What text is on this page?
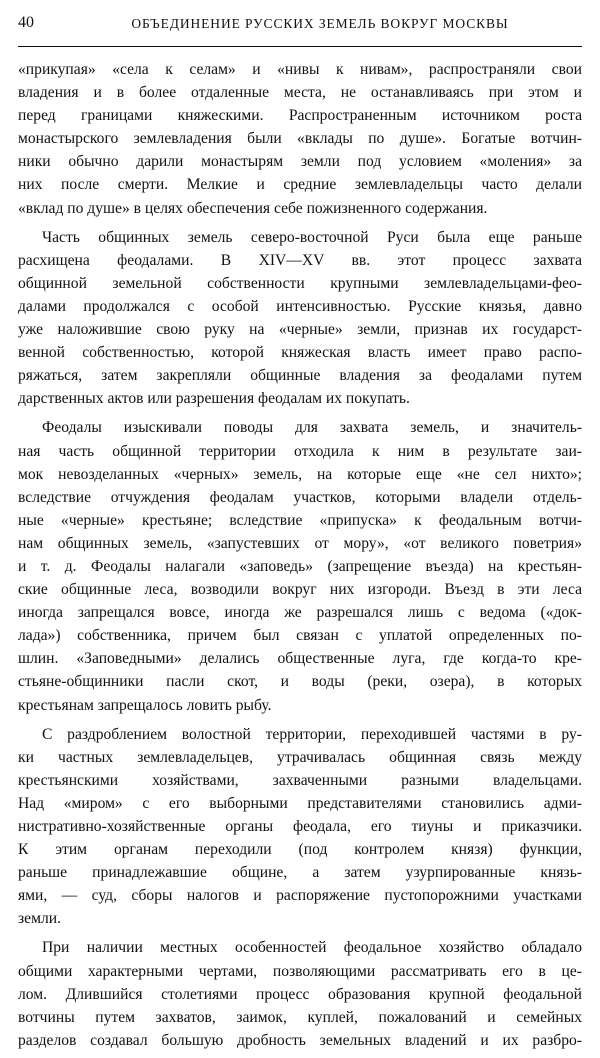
40	ОБЪЕДИНЕНИЕ РУССКИХ ЗЕМЕЛЬ ВОКРУГ МОСКВЫ
«прикупая» «села к селам» и «нивы к нивам», распространяли свои
владения и в более отдаленные места, не останавливаясь при этом и
перед границами княжескими. Распространенным источником роста
монастырского землевладения были «вклады по душе». Богатые вотчин-
ники обычно дарили монастырям земли под условием «моления» за
них после смерти. Мелкие и средние землевладельцы часто делали
«вклад по душе» в целях обеспечения себе пожизненного содержания.
Часть общинных земель северо-восточной Руси была еще раньше
расхищена феодалами. В XIV—XV вв. этот процесс захвата
общинной земельной собственности крупными землевладельцами-фео-
далами продолжался с особой интенсивностью. Русские князья, давно
уже наложившие свою руку на «черные» земли, признав их государст-
венной собственностью, которой княжеская власть имеет право распо-
ряжаться, затем закрепляли общинные владения за феодалами путем
дарственных актов или разрешения феодалам их покупать.
Феодалы изыскивали поводы для захвата земель, и значитель-
ная часть общинной территории отходила к ним в результате заи-
мок невозделанных «черных» земель, на которые еще «не сел нихто»;
вследствие отчуждения феодалам участков, которыми владели отдель-
ные «черные» крестьяне; вследствие «припуска» к феодальным вотчи-
нам общинных земель, «запустевших от мору», «от великого поветрия»
и т. д. Феодалы налагали «заповедь» (запрещение въезда) на крестьян-
ские общинные леса, возводили вокруг них изгороди. Въезд в эти леса
иногда запрещался вовсе, иногда же разрешался лишь с ведома («док-
лада») собственника, причем был связан с уплатой определенных по-
шлин. «Заповедными» делались общественные луга, где когда-то кре-
стьяне-общинники пасли скот, и воды (реки, озера), в которых
крестьянам запрещалось ловить рыбу.
С раздроблением волостной территории, переходившей частями в ру-
ки частных землевладельцев, утрачивалась общинная связь между
крестьянскими хозяйствами, захваченными разными владельцами.
Над «миром» с его выборными представителями становились адми-
нистративно-хозяйственные органы феодала, его тиуны и приказчики.
К этим органам переходили (под контролем князя) функции,
раньше принадлежавшие общине, а затем узурпированные князь-
ями, — суд, сборы налогов и распоряжение пустопорожними участками
земли.
При наличии местных особенностей феодальное хозяйство обладало
общими характерными чертами, позволяющими рассматривать его в це-
лом. Длившийся столетиями процесс образования крупной феодальной
вотчины путем захватов, заимок, куплей, пожалований и семейных
разделов создавал большую дробность земельных владений и их разбро-
